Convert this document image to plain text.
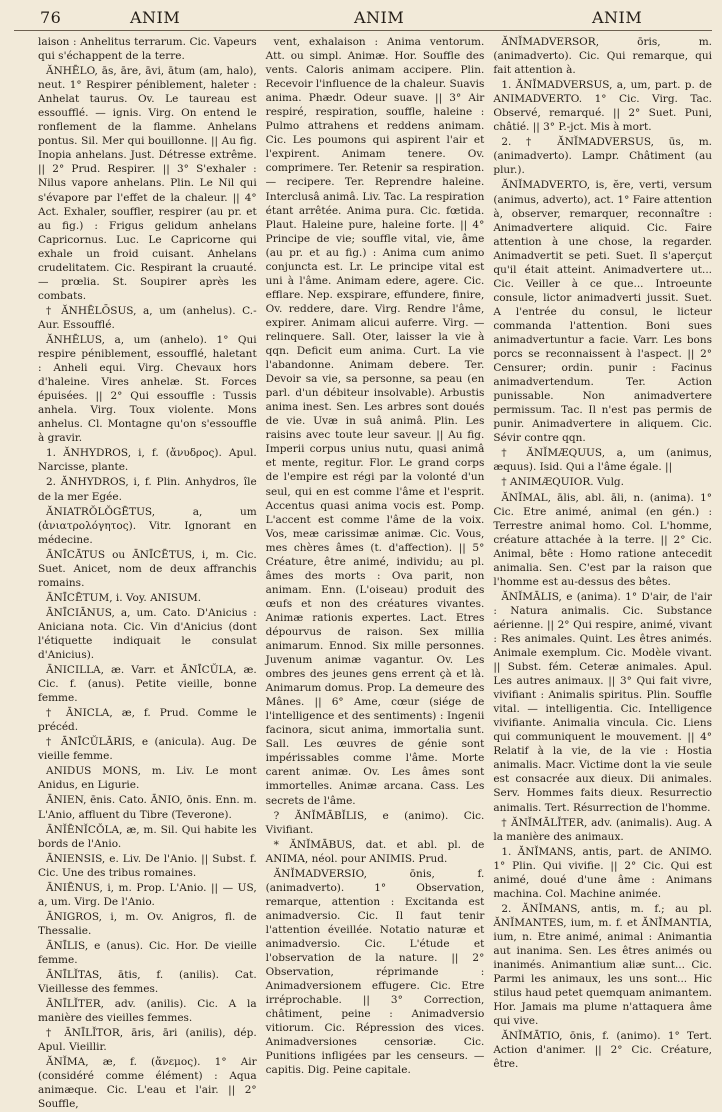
76	ANIM	ANIM	ANIM

laison : Anhelitus terrarum. Cic. Vapeurs qui s'échappent de la terre.

ĂNHĒLO, ās, āre, āvi, ātum (am, halo), neut. 1° Respirer péniblement, haleter : Anhelat taurus. Ov. Le taureau est essoufflé. — ignis. Virg. On entend le ronflement de la flamme. Anhelans pontus. Sil. Mer qui bouillonne. || Au fig. Inopia anhelans. Just. Détresse extrême. || 2° Prud. Respirer. || 3° S'exhaler : Nilus vapore anhelans. Plin. Le Nil qui s'évapore par l'effet de la chaleur. || 4° Act. Exhaler, souffler, respirer (au pr. et au fig.) : Frigus gelidum anhelans Capricornus. Luc. Le Capricorne qui exhale un froid cuisant. Anhelans crudelitatem. Cic. Respirant la cruauté. — prœlia. St. Soupirer après les combats.

† ĂNHĒLŌSUS, a, um (anhelus). C.-Aur. Essoufflé.

ĂNHĒLUS, a, um (anhelo). 1° Qui respire péniblement, essoufflé, haletant : Anheli equi. Virg. Chevaux hors d'haleine. Vires anhelæ. St. Forces épuisées. || 2° Qui essouffle : Tussis anhela. Virg. Toux violente. Mons anhelus. Cl. Montagne qu'on s'essouffle à gravir.

1. ĂNHYDROS, i, f. (ἄνυδρος). Apul. Narcisse, plante.

2. ĂNHYDROS, i, f. Plin. Anhydros, île de la mer Egée.

ĂNIATRŎLŎGĒTUS, a, um (ἀνιατρολόγητος). Vitr. Ignorant en médecine.

ĀNĪCĀTUS ou ĀNĪCĒTUS, i, m. Cic. Suet. Anicet, nom de deux affranchis romains.

ĀNĪCĒTUM, i. Voy. ANISUM.

ĀNĪCIĀNUS, a, um. Cato. D'Anicius : Aniciana nota. Cic. Vin d'Anicius (dont l'étiquette indiquait le consulat d'Anicius).

ĀNICILLA, æ. Varr. et ĀNĪCŬLA, æ. Cic. f. (anus). Petite vieille, bonne femme.

† ĀNICLA, æ, f. Prud. Comme le précéd.

† ĀNĪCŬLĀRIS, e (anicula). Aug. De vieille femme.

ANIDUS MONS, m. Liv. Le mont Anidus, en Ligurie.

ĀNIEN, ēnis. Cato. ĀNIO, ōnis. Enn. m. L'Anio, affluent du Tibre (Teverone).

ĀNĬĒNĬCŎLA, æ, m. Sil. Qui habite les bords de l'Anio.

ĀNIENSIS, e. Liv. De l'Anio. || Subst. f. Cic. Une des tribus romaines.

ĀNIĒNUS, i, m. Prop. L'Anio. || — US, a, um. Virg. De l'Anio.

ĀNIGROS, i, m. Ov. Anigros, fl. de Thessalie.

ĀNĪLIS, e (anus). Cic. Hor. De vieille femme.

ĀNĪLĬTAS, ātis, f. (anilis). Cat. Vieillesse des femmes.

ĀNĪLĬTER, adv. (anilis). Cic. A la manière des vieilles femmes.

† ĀNĪLĬTOR, āris, āri (anilis), dép. Apul. Vieillir.

ĂNĬMA, æ, f. (ἄνεμος). 1° Air (considéré comme élément) : Aqua animæque. Cic. L'eau et l'air. || 2° Souffle,

vent, exhalaison : Anima ventorum. Att. ou simpl. Animæ. Hor. Souffle des vents. Caloris animam accipere. Plin. Recevoir l'influence de la chaleur. Suavis anima. Phædr. Odeur suave. || 3° Air respiré, respiration, souffle, haleine : Pulmo attrahens et reddens animam. Cic. Les poumons qui aspirent l'air et l'expirent. Animam tenere. Ov. comprimere. Ter. Retenir sa respiration. — recipere. Ter. Reprendre haleine. Interclusâ animâ. Liv. Tac. La respiration étant arrêtée. Anima pura. Cic. fœtida. Plaut. Haleine pure, haleine forte. || 4° Principe de vie; souffle vital, vie, âme (au pr. et au fig.) : Anima cum animo conjuncta est. Lr. Le principe vital est uni à l'âme. Animam edere, agere. Cic. efflare. Nep. exspirare, effundere, finire, Ov. reddere, dare. Virg. Rendre l'âme, expirer. Animam alicui auferre. Virg. — relinquere. Sall. Oter, laisser la vie à qqn. Deficit eum anima. Curt. La vie l'abandonne. Animam debere. Ter. Devoir sa vie, sa personne, sa peau (en parl. d'un débiteur insolvable). Arbustis anima inest. Sen. Les arbres sont doués de vie. Uvæ in suâ animâ. Plin. Les raisins avec toute leur saveur. || Au fig. Imperii corpus unius nutu, quasi animâ et mente, regitur. Flor. Le grand corps de l'empire est régi par la volonté d'un seul, qui en est comme l'âme et l'esprit. Accentus quasi anima vocis est. Pomp. L'accent est comme l'âme de la voix. Vos, meæ carissimæ animæ. Cic. Vous, mes chères âmes (t. d'affection). || 5° Créature, être animé, individu; au pl. âmes des morts : Ova parit, non animam. Enn. (L'oiseau) produit des œufs et non des créatures vivantes. Animæ rationis expertes. Lact. Etres dépourvus de raison. Sex millia animarum. Ennod. Six mille personnes. Juvenum animæ vagantur. Ov. Les ombres des jeunes gens errent çà et là. Animarum domus. Prop. La demeure des Mânes. || 6° Ame, cœur (siége de l'intelligence et des sentiments) : Ingenii facinora, sicut anima, immortalia sunt. Sall. Les œuvres de génie sont impérissables comme l'âme. Morte carent animæ. Ov. Les âmes sont immortelles. Animæ arcana. Cass. Les secrets de l'âme.

? ĂNĬMĀBĬLIS, e (animo). Cic. Vivifiant.

* ĂNĬMĀBUS, dat. et abl. pl. de ANIMA, néol. pour ANIMIS. Prud.

ĂNĬMADVERSIO, ōnis, f. (animadverto). 1° Observation, remarque, attention : Excitanda est animadversio. Cic. Il faut tenir l'attention éveillée. Notatio naturæ et animadversio. Cic. L'étude et l'observation de la nature. || 2° Observation, réprimande : Animadversionem effugere. Cic. Etre irréprochable. || 3° Correction, châtiment, peine : Animadversio vitiorum. Cic. Répression des vices. Animadversiones censoriæ. Cic. Punitions infligées par les censeurs. — capitis. Dig. Peine capitale.

ĂNĬMADVERSOR, ōris, m. (animadverto). Cic. Qui remarque, qui fait attention à.

1. ĂNĬMADVERSUS, a, um, part. p. de ANIMADVERTO. 1° Cic. Virg. Tac. Observé, remarqué. || 2° Suet. Puni, châtié. || 3° P.-jct. Mis à mort.

2. † ĂNĬMADVERSUS, ūs, m. (animadverto). Lampr. Châtiment (au plur.).

ĂNĬMADVERTO, is, ĕre, verti, versum (animus, adverto), act. 1° Faire attention à, observer, remarquer, reconnaître : Animadvertere aliquid. Cic. Faire attention à une chose, la regarder. Animadvertit se peti. Suet. Il s'aperçut qu'il était atteint. Animadvertere ut... Cic. Veiller à ce que... Introeunte consule, lictor animadverti jussit. Suet. A l'entrée du consul, le licteur commanda l'attention. Boni sues animadvertuntur a facie. Varr. Les bons porcs se reconnaissent à l'aspect. || 2° Censurer; ordin. punir : Facinus animadvertendum. Ter. Action punissable. Non animadvertere permissum. Tac. Il n'est pas permis de punir. Animadvertere in aliquem. Cic. Sévir contre qqn.

† ĂNĬMÆQUUS, a, um (animus, æquus). Isid. Qui a l'âme égale. ||

† ANIMÆQUIOR. Vulg.

ĂNĬMAL, ālis, abl. āli, n. (anima). 1° Cic. Etre animé, animal (en gén.) : Terrestre animal homo. Col. L'homme, créature attachée à la terre. || 2° Cic. Animal, bête : Homo ratione antecedit animalia. Sen. C'est par la raison que l'homme est au-dessus des bêtes.

ĂNĬMĀLIS, e (anima). 1° D'air, de l'air : Natura animalis. Cic. Substance aérienne. || 2° Qui respire, animé, vivant : Res animales. Quint. Les êtres animés. Animale exemplum. Cic. Modèle vivant. || Subst. fém. Ceteræ animales. Apul. Les autres animaux. || 3° Qui fait vivre, vivifiant : Animalis spiritus. Plin. Souffle vital. — intelligentia. Cic. Intelligence vivifiante. Animalia vincula. Cic. Liens qui communiquent le mouvement. || 4° Relatif à la vie, de la vie : Hostia animalis. Macr. Victime dont la vie seule est consacrée aux dieux. Dii animales. Serv. Hommes faits dieux. Resurrectio animalis. Tert. Résurrection de l'homme.

† ĂNĬMĀLĬTER, adv. (animalis). Aug. A la manière des animaux.

1. ĂNĬMANS, antis, part. de ANIMO. 1° Plin. Qui vivifie. || 2° Cic. Qui est animé, doué d'une âme : Animans machina. Col. Machine animée.

2. ĂNĬMANS, antis, m. f.; au pl. ĂNĬMANTES, ium, m. f. et ĂNĬMANTIA, ium, n. Etre animé, animal : Animantia aut inanima. Sen. Les êtres animés ou inanimés. Animantium aliæ sunt... Cic. Parmi les animaux, les uns sont... Hic stilus haud petet quemquam animantem. Hor. Jamais ma plume n'attaquera âme qui vive.

ĂNĬMĀTIO, ōnis, f. (animo). 1° Tert. Action d'animer. || 2° Cic. Créature, être.
